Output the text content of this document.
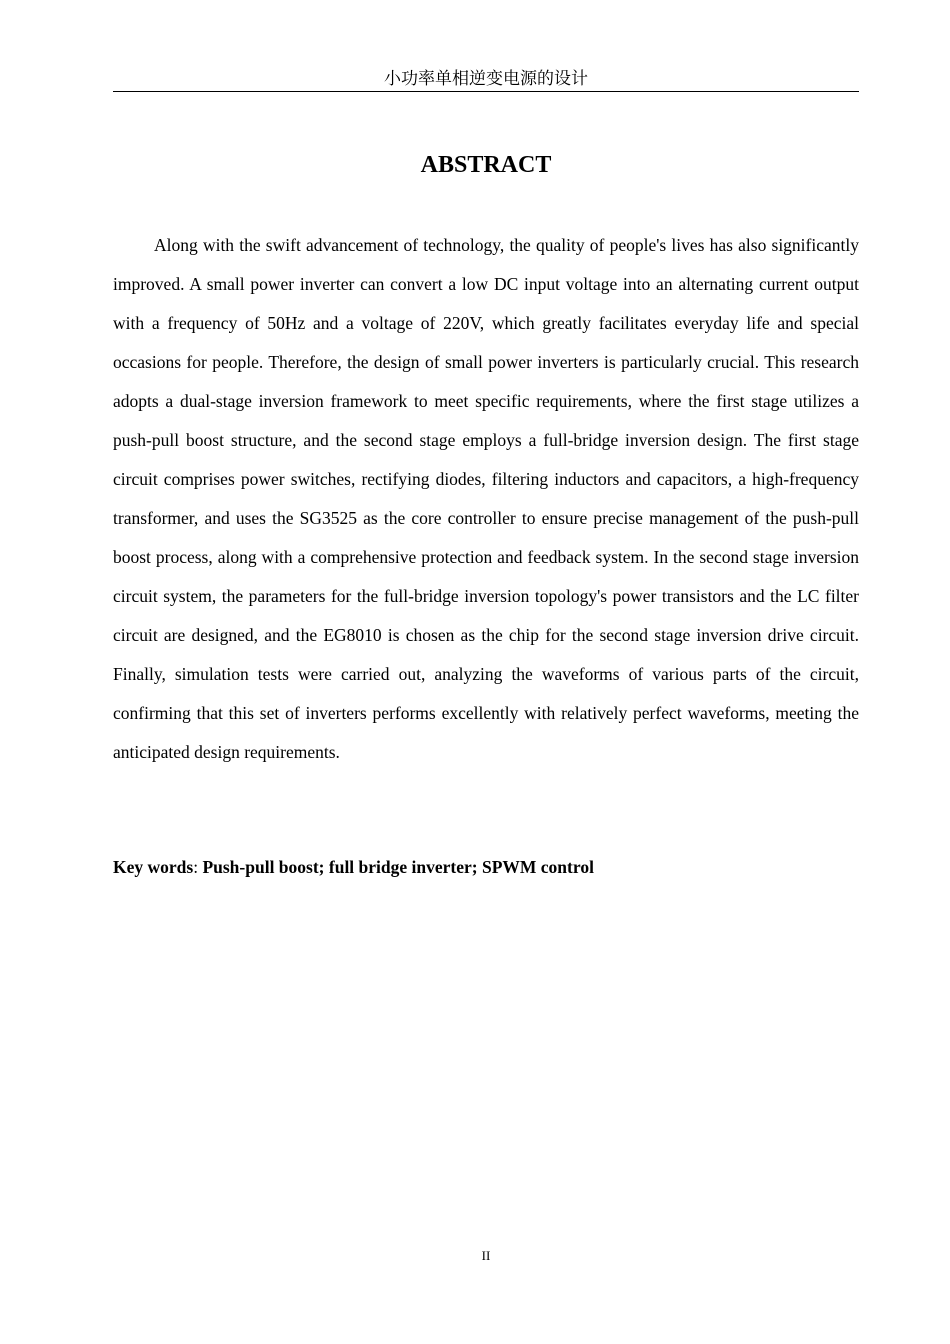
小功率单相逆变电源的设计
ABSTRACT

Along with the swift advancement of technology, the quality of people's lives has also significantly improved. A small power inverter can convert a low DC input voltage into an alternating current output with a frequency of 50Hz and a voltage of 220V, which greatly facilitates everyday life and special occasions for people. Therefore, the design of small power inverters is particularly crucial. This research adopts a dual-stage inversion framework to meet specific requirements, where the first stage utilizes a push-pull boost structure, and the second stage employs a full-bridge inversion design. The first stage circuit comprises power switches, rectifying diodes, filtering inductors and capacitors, a high-frequency transformer, and uses the SG3525 as the core controller to ensure precise management of the push-pull boost process, along with a comprehensive protection and feedback system. In the second stage inversion circuit system, the parameters for the full-bridge inversion topology's power transistors and the LC filter circuit are designed, and the EG8010 is chosen as the chip for the second stage inversion drive circuit. Finally, simulation tests were carried out, analyzing the waveforms of various parts of the circuit, confirming that this set of inverters performs excellently with relatively perfect waveforms, meeting the anticipated design requirements.

Key words: Push-pull boost; full bridge inverter; SPWM control

II
